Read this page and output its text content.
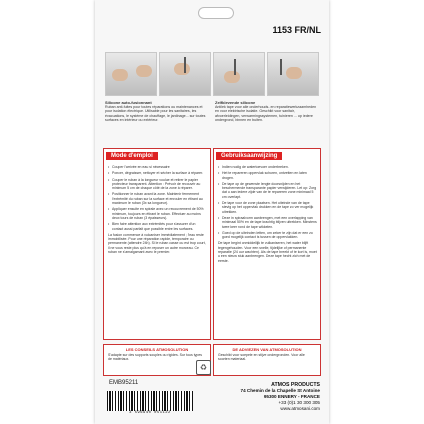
1153 FR/NL
Silicone auto-fusionnant
Ruban anti-fuites pour toutes réparations ou maintenances et pour isolation électrique. Utilisable pour les sanitaires, les évacuations, le système de chauffage, le jardinage... sur toutes surfaces en intérieur ou extérieur.
Zelfklevende silicone
Antilek tape voor alle onderhouds- en reparatiewerkzaamheden en voor elektrische isolatie. Geschikt voor sanitair, afvoerleidingen, verwarmingssystemen, tuinieren ... op iedere ondergrond, binnen en buiten.
Mode d'emploi
• Couper l'arrivée en eau si nécessaire
• Poncer, dégraisser, nettoyer et sécher la surface à réparer.
• Couper le ruban à la longueur voulue et retirer le papier protecteur transparent. Attention : Prévoir de recouvrir au minimum 5 cm de chaque côté de la zone à réparer.
• Positionner le ruban avant la zone. Maintenir fermement l'extrémité du ruban sur la surface et enrouler en étirant au maximum le ruban (3x sa longueur).
• Appliquer ensuite en spirale avec un recouvrement de 50% minimum, toujours en étirant le ruban. Effectuer au moins deux tours de ruban (3 épaisseurs).
• Bien faire attention aux extrémités pour s'assurer d'un contact aussi parfait que possible entre les surfaces.
La fusion commence à vulcaniser immédiatement ; l'eau reste immobilisée. Pour une réparation rapide, temporaire ou permanente (attendre 24h). Si le ruban casse ou est trop court, il ne vous reste plus qu'à en reposer un autre morceau. Ce ruban ne s'amalgamant avec le premier.
Gebruiksaanwijzing
• Indien nodig de watertoevoer onderbreken.
• Het te repareren oppervlak schuren, ontvetten en laten drogen.
• De tape op de gewenste lengte doorsnijden en het beschermende transparante papier verwijderen. Let op: Zorg dat u aan iedere zijde van de te repareren zone minimaal 5 cm overlapt.
• De tape voor de zone plaatsen. Het uiteinde van de tape stevig op het oppervlak drukken en de tape zo ver mogelijk uitrekken.
• Deze in spiraalvorm aanbrengen, met een overlapping van minimaal 50% en de tape krachtig blijven uitrekken. Minstens twee keer rond de tape wikkelen.
• Goed op de uiteinden letten, om zeker te zijn dat er een zo goed mogelijk contact is tussen de oppervlakken.
De tape begint onmiddellijk te vulkaniseren, het water blijft tegengehouden. Voor een snelle, tijdelijke of permanente reparatie (24 uur wachten). Als de tape breekt of te kort is, moet u een nieuw stuk aanbrengen. Deze tape hecht zich met de eerste.
LES CONSEILS ATMOSOLUTION
S'adapte sur des supports souples ou rigides. Sur tous types de matériaux.
♻
DE ADVIEZEN VAN ATMOSOLUTION
Geschikt voor soepele en stijve ondergronden. Voor alle soorten materiaal.
EMB95211
3 596940 051122
ATMOS PRODUCTS
74 Chemin de la Chapelle St Antoine
95300 ENNERY - FRANCE
+33 (0)1 30 300 305
www.atmosani.com
